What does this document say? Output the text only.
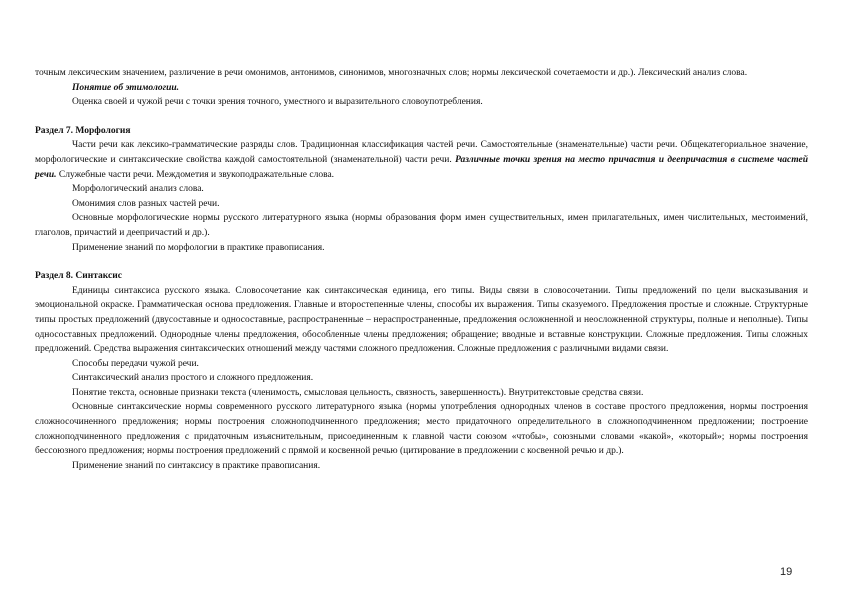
точным лексическим значением, различение в речи омонимов, антонимов, синонимов, многозначных слов; нормы лексической сочетаемости и др.). Лексический анализ слова.

Понятие об этимологии.

Оценка своей и чужой речи с точки зрения точного, уместного и выразительного словоупотребления.

Раздел 7. Морфология

Части речи как лексико-грамматические разряды слов. Традиционная классификация частей речи. Самостоятельные (знаменательные) части речи. Общекатегориальное значение, морфологические и синтаксические свойства каждой самостоятельной (знаменательной) части речи. Различные точки зрения на место причастия и деепричастия в системе частей речи. Служебные части речи. Междометия и звукоподражательные слова.

Морфологический анализ слова.

Омонимия слов разных частей речи.

Основные морфологические нормы русского литературного языка (нормы образования форм имен существительных, имен прилагательных, имен числительных, местоимений, глаголов, причастий и деепричастий и др.).

Применение знаний по морфологии в практике правописания.

Раздел 8. Синтаксис

Единицы синтаксиса русского языка. Словосочетание как синтаксическая единица, его типы. Виды связи в словосочетании. Типы предложений по цели высказывания и эмоциональной окраске. Грамматическая основа предложения. Главные и второстепенные члены, способы их выражения. Типы сказуемого. Предложения простые и сложные. Структурные типы простых предложений (двусоставные и односоставные, распространенные – нераспространенные, предложения осложненной и неосложненной структуры, полные и неполные). Типы односоставных предложений. Однородные члены предложения, обособленные члены предложения; обращение; вводные и вставные конструкции. Сложные предложения. Типы сложных предложений. Средства выражения синтаксических отношений между частями сложного предложения. Сложные предложения с различными видами связи.

Способы передачи чужой речи.

Синтаксический анализ простого и сложного предложения.

Понятие текста, основные признаки текста (членимость, смысловая цельность, связность, завершенность). Внутритекстовые средства связи.

Основные синтаксические нормы современного русского литературного языка (нормы употребления однородных членов в составе простого предложения, нормы построения сложносочиненного предложения; нормы построения сложноподчиненного предложения; место придаточного определительного в сложноподчиненном предложении; построение сложноподчиненного предложения с придаточным изъяснительным, присоединенным к главной части союзом «чтобы», союзными словами «какой», «который»; нормы построения бессоюзного предложения; нормы построения предложений с прямой и косвенной речью (цитирование в предложении с косвенной речью и др.).

Применение знаний по синтаксису в практике правописания.

19
